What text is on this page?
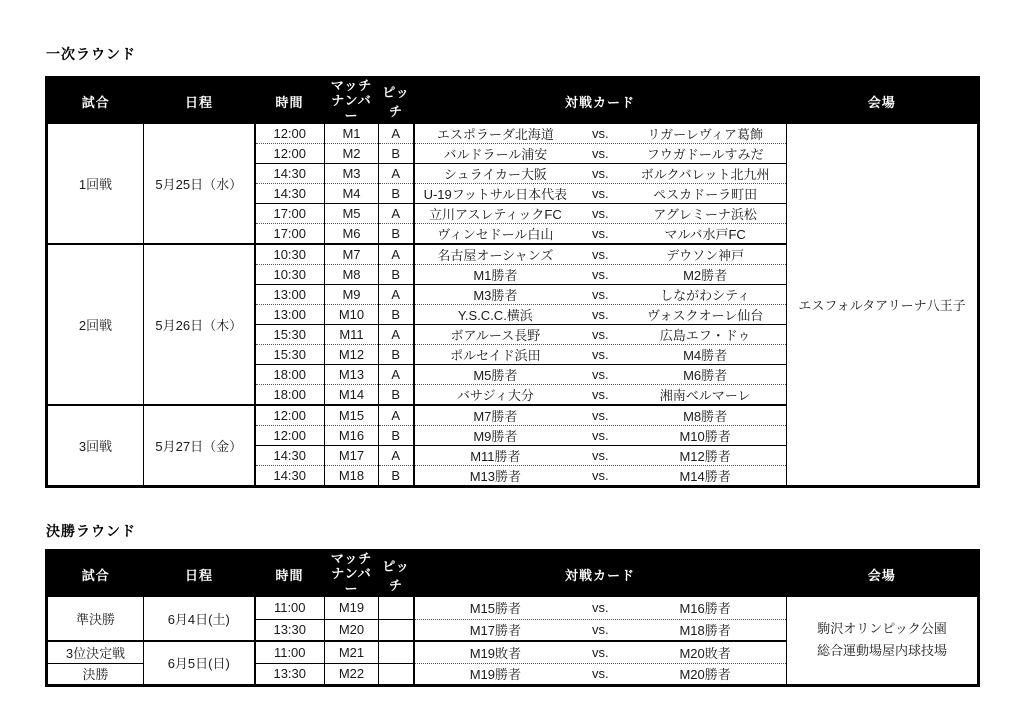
一次ラウンド
試合	日程	時間	マッチ
ナンバー	ピッチ	対戦カード	会場
1回戦	5月25日（水）	12:00	M1	A	エスポラーダ北海道 vs. リガーレヴィア葛飾	エスフォルタアリーナ八王子
		12:00	M2	B	バルドラール浦安 vs. フウガドールすみだ	

		14:30	M3	A	シュライカー大阪 vs. ボルクバレット北九州	

		14:30	M4	B	U-19フットサル日本代表 vs. ペスカドーラ町田	

		17:00	M5	A	立川アスレティックFC vs. アグレミーナ浜松	

		17:00	M6	B	ヴィンセドール白山 vs. マルバ水戸FC	

2回戦	5月26日（木）	10:30	M7	A	名古屋オーシャンズ vs. デウソン神戸	

		10:30	M8	B	M1勝者 vs. M2勝者	

		13:00	M9	A	M3勝者 vs. しながわシティ	

		13:00	M10	B	Y.S.C.C.横浜 vs. ヴォスクオーレ仙台	

		15:30	M11	A	ボアルース長野 vs. 広島エフ・ドゥ	

		15:30	M12	B	ポルセイド浜田 vs. M4勝者	

		18:00	M13	A	M5勝者 vs. M6勝者	

		18:00	M14	B	バサジィ大分 vs. 湘南ベルマーレ	

3回戦	5月27日（金）	12:00	M15	A	M7勝者 vs. M8勝者	

		12:00	M16	B	M9勝者 vs. M10勝者	

		14:30	M17	A	M11勝者 vs. M12勝者	

		14:30	M18	B	M13勝者 vs. M14勝者	
決勝ラウンド
試合	日程	時間	マッチ
ナンバー	ピッチ	対戦カード	会場
準決勝	6月4日(土)	11:00	M19		M15勝者	vs.	M16勝者

駒沢オリンピック公園
総合運動場屋内球技場

		13:30	M20		M17勝者 vs. M18勝者	

3位決定戦	6月5日(日)	11:00	M21		M19敗者 vs. M20敗者	

決勝		13:30	M22		M19勝者 vs. M20勝者	
